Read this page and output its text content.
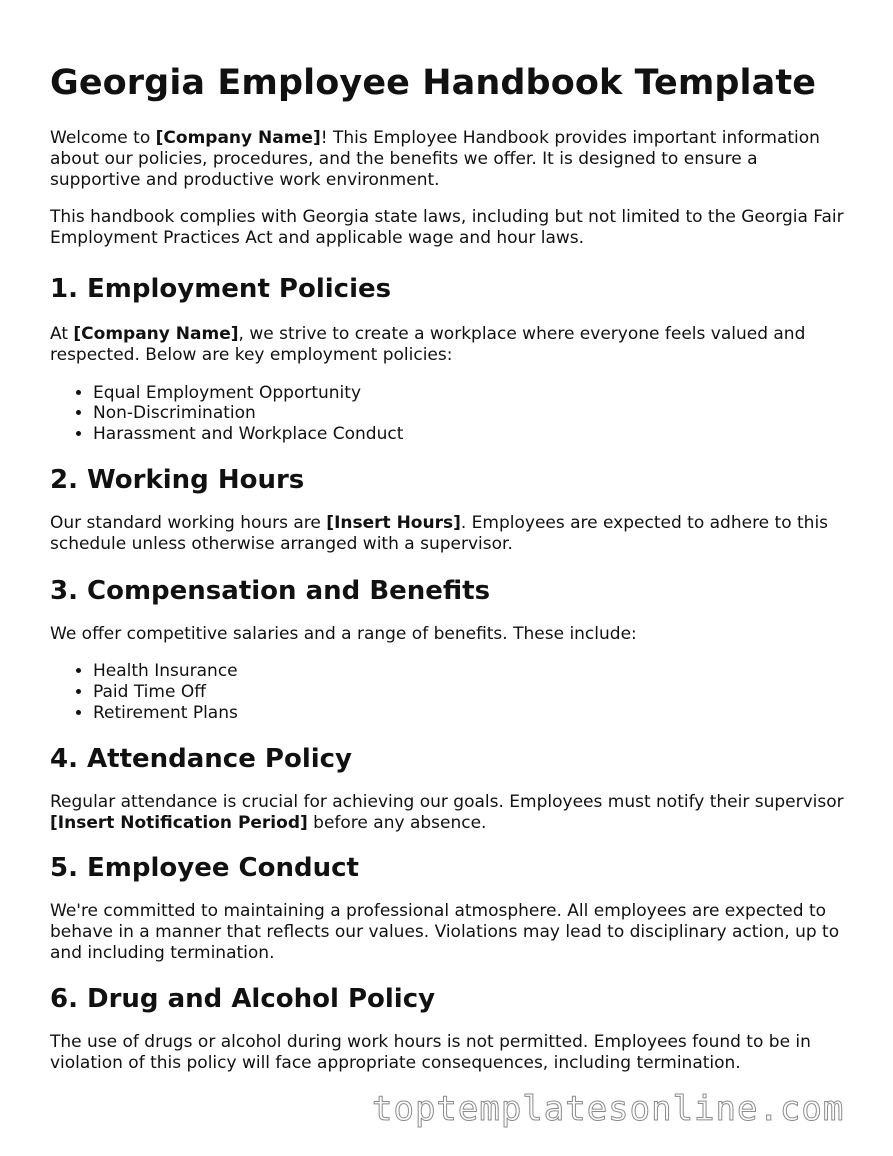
Georgia Employee Handbook Template

Welcome to [Company Name]! This Employee Handbook provides important information about our policies, procedures, and the benefits we offer. It is designed to ensure a supportive and productive work environment.

This handbook complies with Georgia state laws, including but not limited to the Georgia Fair Employment Practices Act and applicable wage and hour laws.

1. Employment Policies

At [Company Name], we strive to create a workplace where everyone feels valued and respected. Below are key employment policies:

• Equal Employment Opportunity
• Non-Discrimination
• Harassment and Workplace Conduct
2. Working Hours

Our standard working hours are [Insert Hours]. Employees are expected to adhere to this schedule unless otherwise arranged with a supervisor.

3. Compensation and Benefits

We offer competitive salaries and a range of benefits. These include:

• Health Insurance
• Paid Time Off
• Retirement Plans
4. Attendance Policy

Regular attendance is crucial for achieving our goals. Employees must notify their supervisor [Insert Notification Period] before any absence.

5. Employee Conduct

We're committed to maintaining a professional atmosphere. All employees are expected to behave in a manner that reflects our values. Violations may lead to disciplinary action, up to and including termination.

6. Drug and Alcohol Policy

The use of drugs or alcohol during work hours is not permitted. Employees found to be in violation of this policy will face appropriate consequences, including termination.

toptemplatesonline.com
